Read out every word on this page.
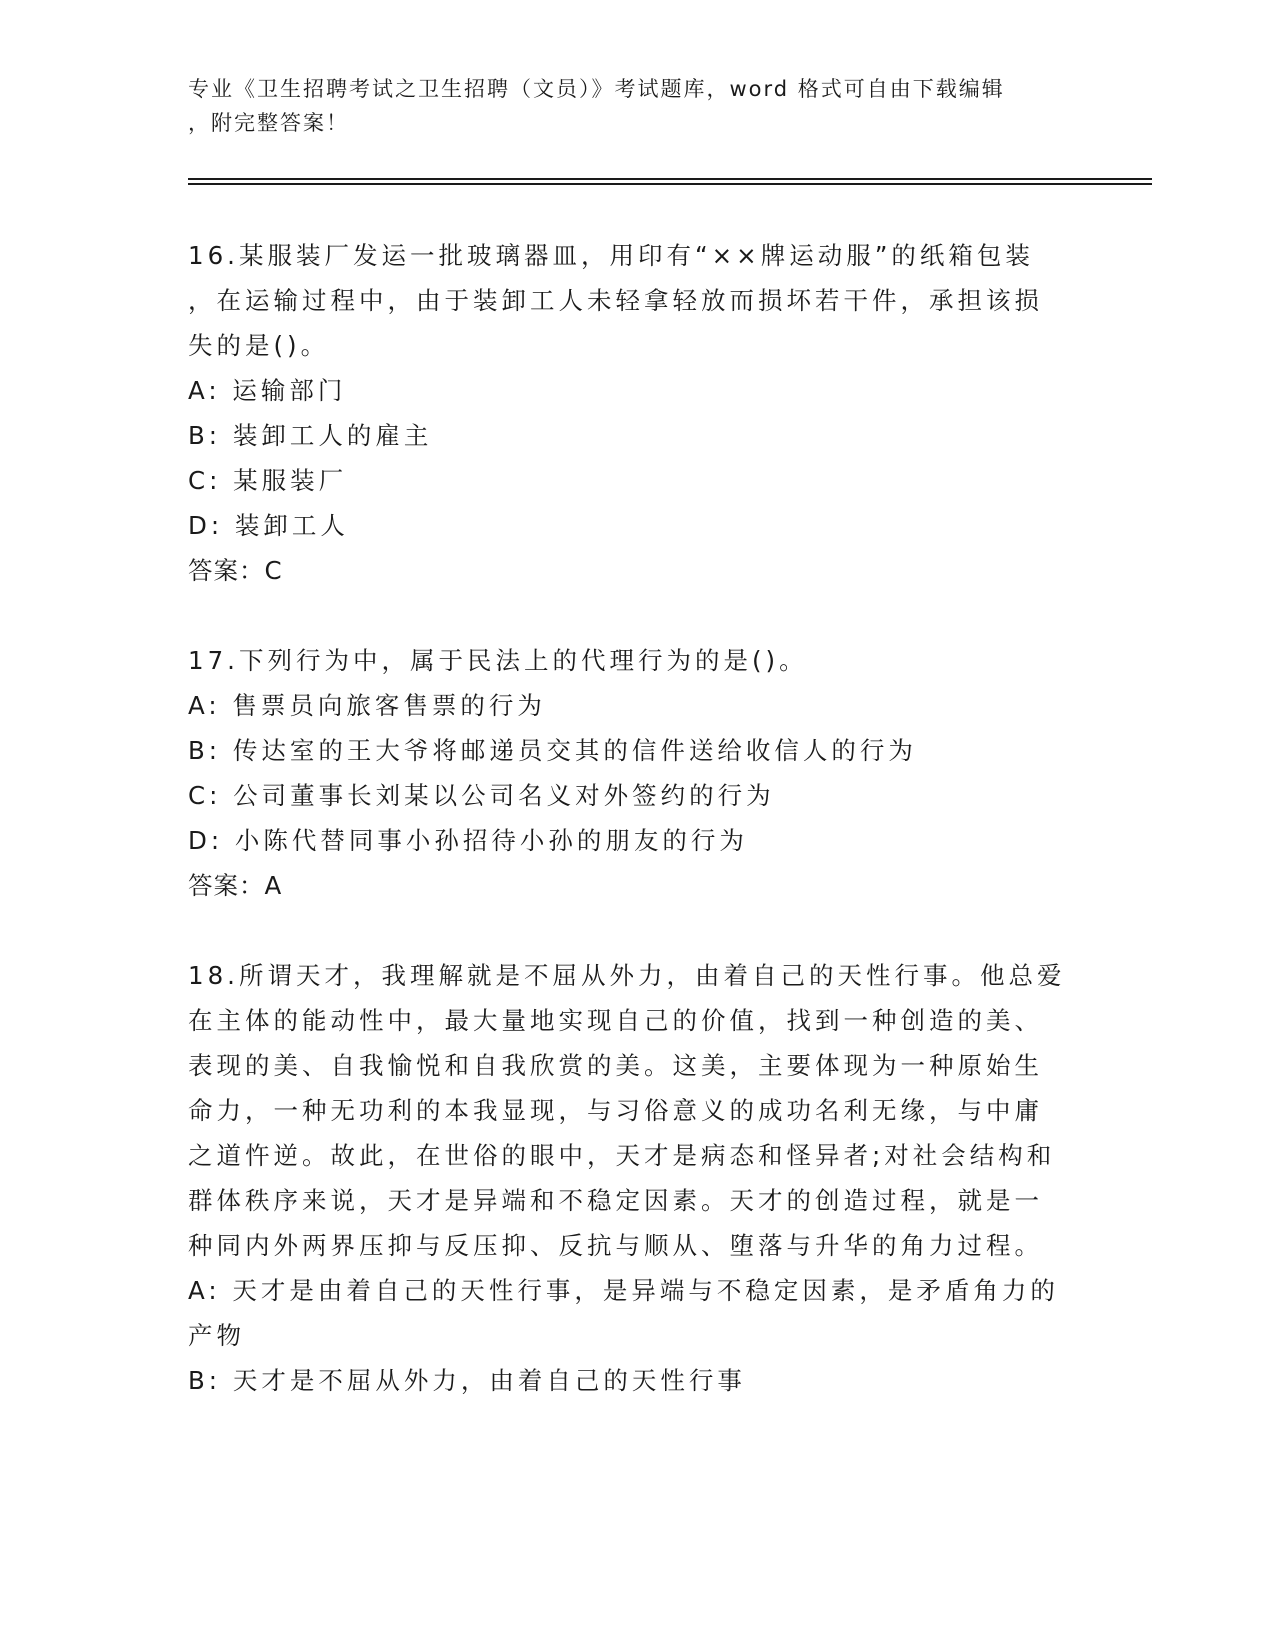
专业《卫生招聘考试之卫生招聘（文员）》考试题库，word 格式可自由下载编辑
，附完整答案！

16.某服装厂发运一批玻璃器皿，用印有“××牌运动服”的纸箱包装

，在运输过程中，由于装卸工人未轻拿轻放而损坏若干件，承担该损

失的是()。

A: 运输部门

B: 装卸工人的雇主

C: 某服装厂

D: 装卸工人

答案：C

17.下列行为中，属于民法上的代理行为的是()。

A: 售票员向旅客售票的行为

B: 传达室的王大爷将邮递员交其的信件送给收信人的行为

C: 公司董事长刘某以公司名义对外签约的行为

D: 小陈代替同事小孙招待小孙的朋友的行为

答案：A

18.所谓天才，我理解就是不屈从外力，由着自己的天性行事。他总爱

在主体的能动性中，最大量地实现自己的价值，找到一种创造的美、

表现的美、自我愉悦和自我欣赏的美。这美，主要体现为一种原始生

命力，一种无功利的本我显现，与习俗意义的成功名利无缘，与中庸

之道忤逆。故此，在世俗的眼中，天才是病态和怪异者;对社会结构和

群体秩序来说，天才是异端和不稳定因素。天才的创造过程，就是一

种同内外两界压抑与反压抑、反抗与顺从、堕落与升华的角力过程。

A: 天才是由着自己的天性行事，是异端与不稳定因素，是矛盾角力的

产物

B: 天才是不屈从外力，由着自己的天性行事
